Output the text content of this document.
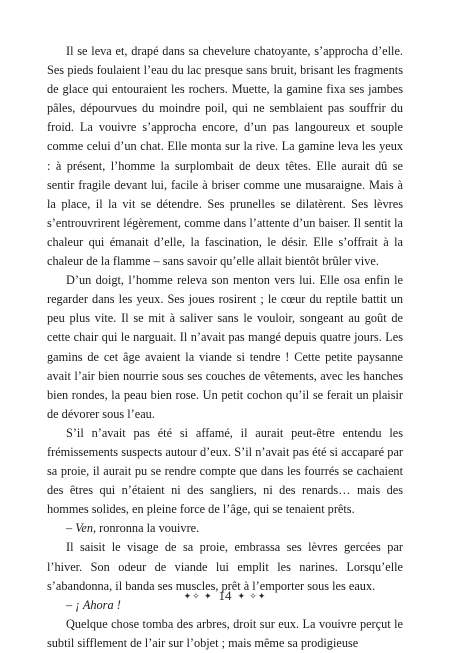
Il se leva et, drapé dans sa chevelure chatoyante, s’approcha d’elle. Ses pieds foulaient l’eau du lac presque sans bruit, brisant les fragments de glace qui entouraient les rochers. Muette, la gamine fixa ses jambes pâles, dépourvues du moindre poil, qui ne semblaient pas souffrir du froid. La vouivre s’approcha encore, d’un pas langoureux et souple comme celui d’un chat. Elle monta sur la rive. La gamine leva les yeux : à présent, l’homme la surplombait de deux têtes. Elle aurait dû se sentir fragile devant lui, facile à briser comme une musaraigne. Mais à la place, il la vit se détendre. Ses prunelles se dilatèrent. Ses lèvres s’entrouvrirent légèrement, comme dans l’attente d’un baiser. Il sentit la chaleur qui émanait d’elle, la fascination, le désir. Elle s’offrait à la chaleur de la flamme – sans savoir qu’elle allait bientôt brûler vive.

D’un doigt, l’homme releva son menton vers lui. Elle osa enfin le regarder dans les yeux. Ses joues rosirent ; le cœur du reptile battit un peu plus vite. Il se mit à saliver sans le vouloir, songeant au goût de cette chair qui le narguait. Il n’avait pas mangé depuis quatre jours. Les gamins de cet âge avaient la viande si tendre ! Cette petite paysanne avait l’air bien nourrie sous ses couches de vêtements, avec les hanches bien rondes, la peau bien rose. Un petit cochon qu’il se ferait un plaisir de dévorer sous l’eau.

S’il n’avait pas été si affamé, il aurait peut-être entendu les frémissements suspects autour d’eux. S’il n’avait pas été si accaparé par sa proie, il aurait pu se rendre compte que dans les fourrés se cachaient des êtres qui n’étaient ni des sangliers, ni des renards… mais des hommes solides, en pleine force de l’âge, qui se tenaient prêts.

– Ven, ronronna la vouivre.

Il saisit le visage de sa proie, embrassa ses lèvres gercées par l’hiver. Son odeur de viande lui emplit les narines. Lorsqu’elle s’abandonna, il banda ses muscles, prêt à l’emporter sous les eaux.

– ¡ Ahora !

Quelque chose tomba des arbres, droit sur eux. La vouivre perçut le subtil sifflement de l’air sur l’objet ; mais même sa prodigieuse

✦✧ ✦ 14 ✦ ✧✦
